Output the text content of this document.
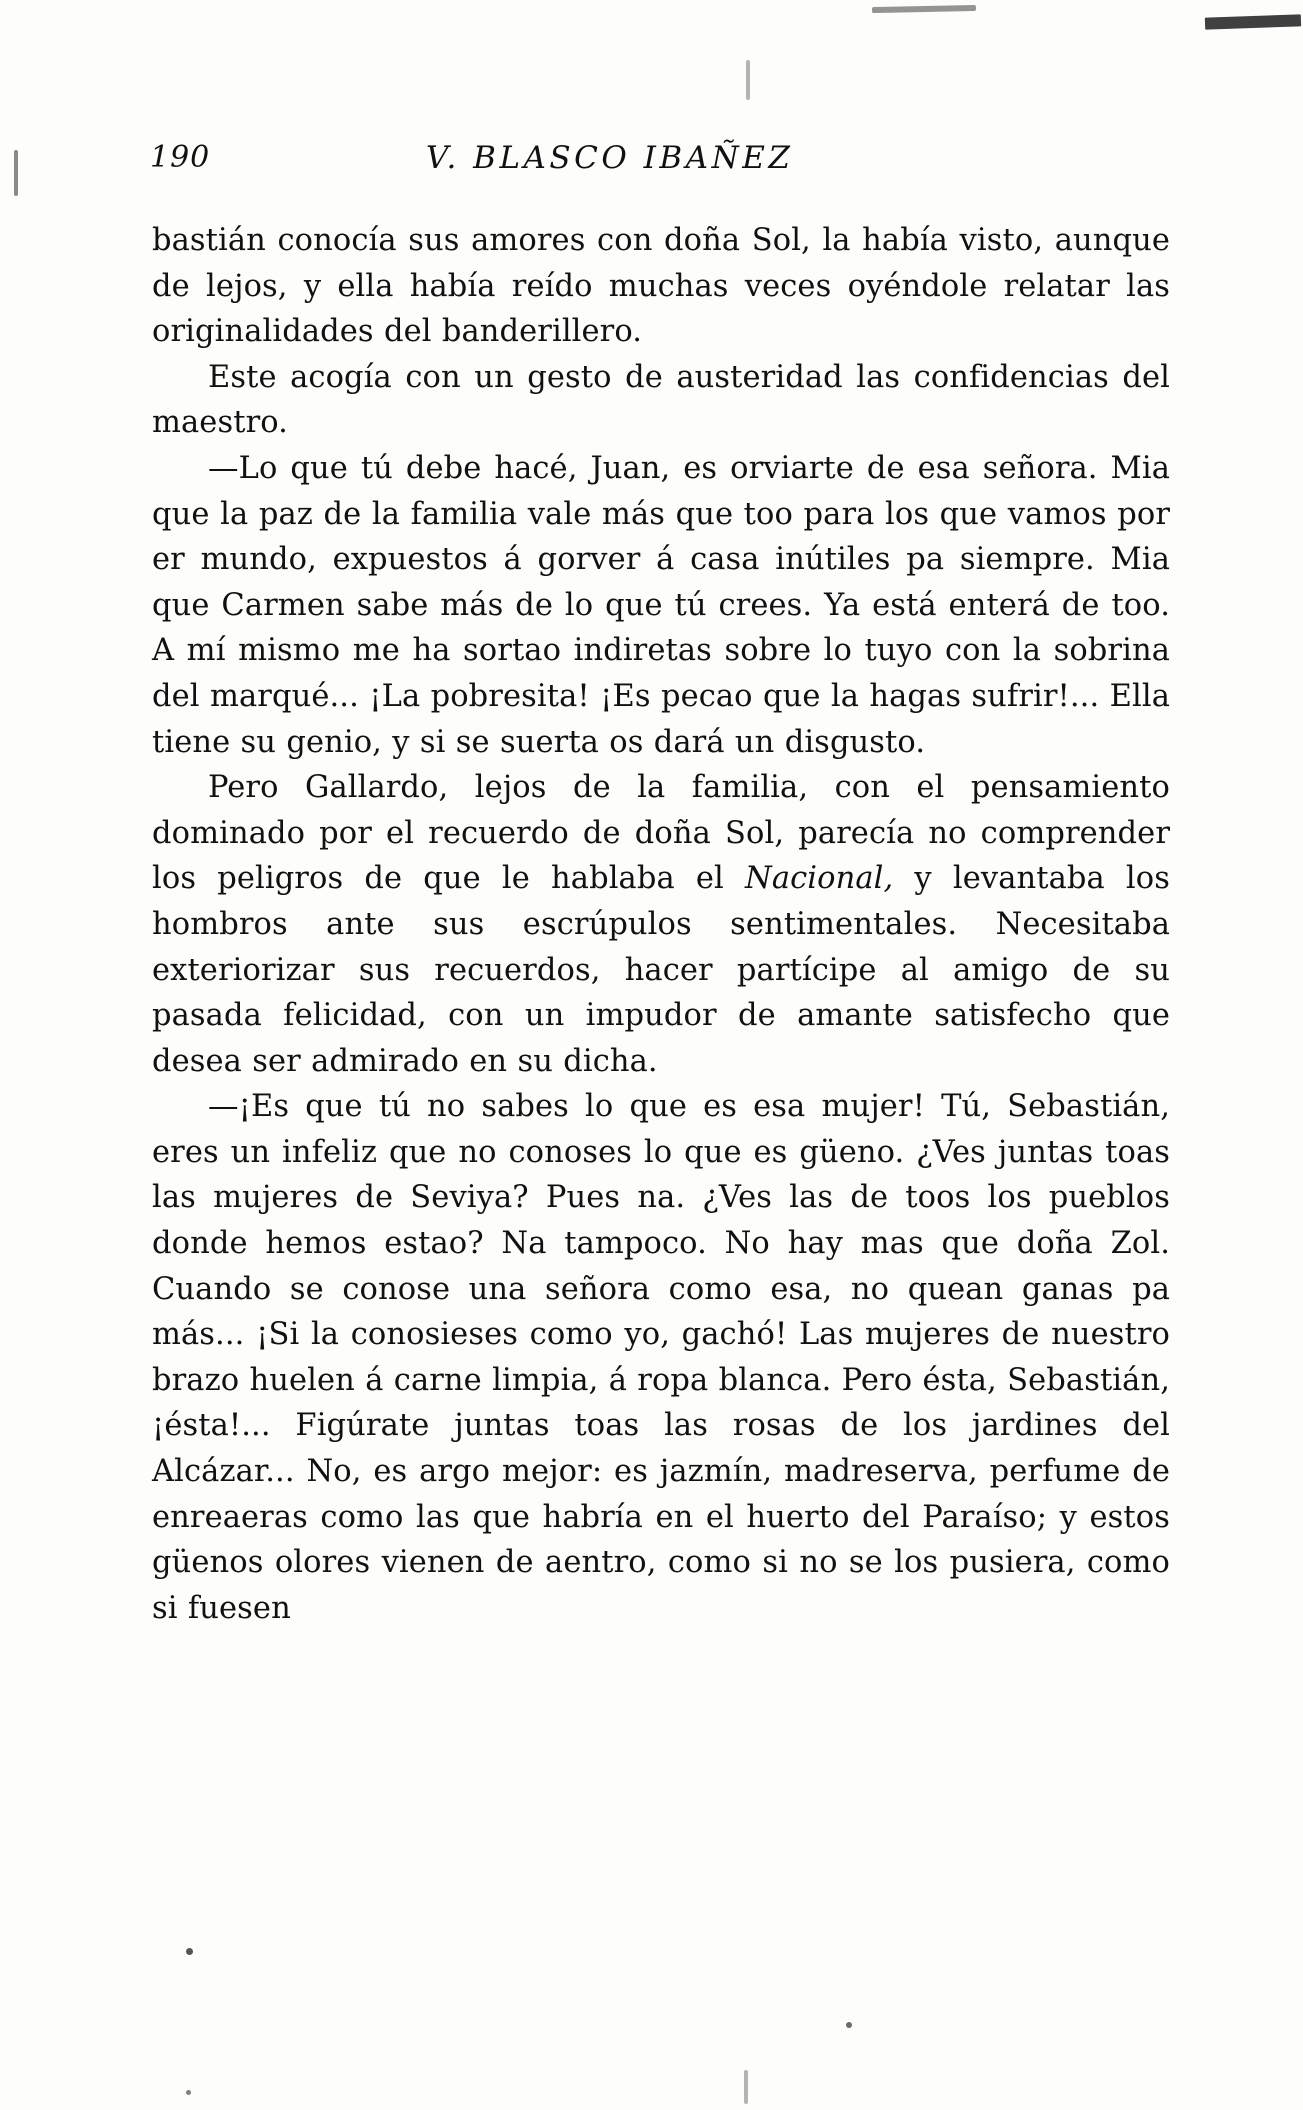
190	V. BLASCO IBAÑEZ

bastián conocía sus amores con doña Sol, la había visto, aunque de lejos, y ella había reído muchas veces oyéndole relatar las originalidades del banderillero.

Este acogía con un gesto de austeridad las confidencias del maestro.

—Lo que tú debe hacé, Juan, es orviarte de esa señora. Mia que la paz de la familia vale más que too para los que vamos por er mundo, expuestos á gorver á casa inútiles pa siempre. Mia que Carmen sabe más de lo que tú crees. Ya está enterá de too. A mí mismo me ha sortao indiretas sobre lo tuyo con la sobrina del marqué... ¡La pobresita! ¡Es pecao que la hagas sufrir!... Ella tiene su genio, y si se suerta os dará un disgusto.

Pero Gallardo, lejos de la familia, con el pensamiento dominado por el recuerdo de doña Sol, parecía no comprender los peligros de que le hablaba el Nacional, y levantaba los hombros ante sus escrúpulos sentimentales. Necesitaba exteriorizar sus recuerdos, hacer partícipe al amigo de su pasada felicidad, con un impudor de amante satisfecho que desea ser admirado en su dicha.

—¡Es que tú no sabes lo que es esa mujer! Tú, Sebastián, eres un infeliz que no conoses lo que es güeno. ¿Ves juntas toas las mujeres de Seviya? Pues na. ¿Ves las de toos los pueblos donde hemos estao? Na tampoco. No hay mas que doña Zol. Cuando se conose una señora como esa, no quean ganas pa más... ¡Si la conosieses como yo, gachó! Las mujeres de nuestro brazo huelen á carne limpia, á ropa blanca. Pero ésta, Sebastián, ¡ésta!... Figúrate juntas toas las rosas de los jardines del Alcázar... No, es argo mejor: es jazmín, madreserva, perfume de enreaeras como las que habría en el huerto del Paraíso; y estos güenos olores vienen de aentro, como si no se los pusiera, como si fuesen
